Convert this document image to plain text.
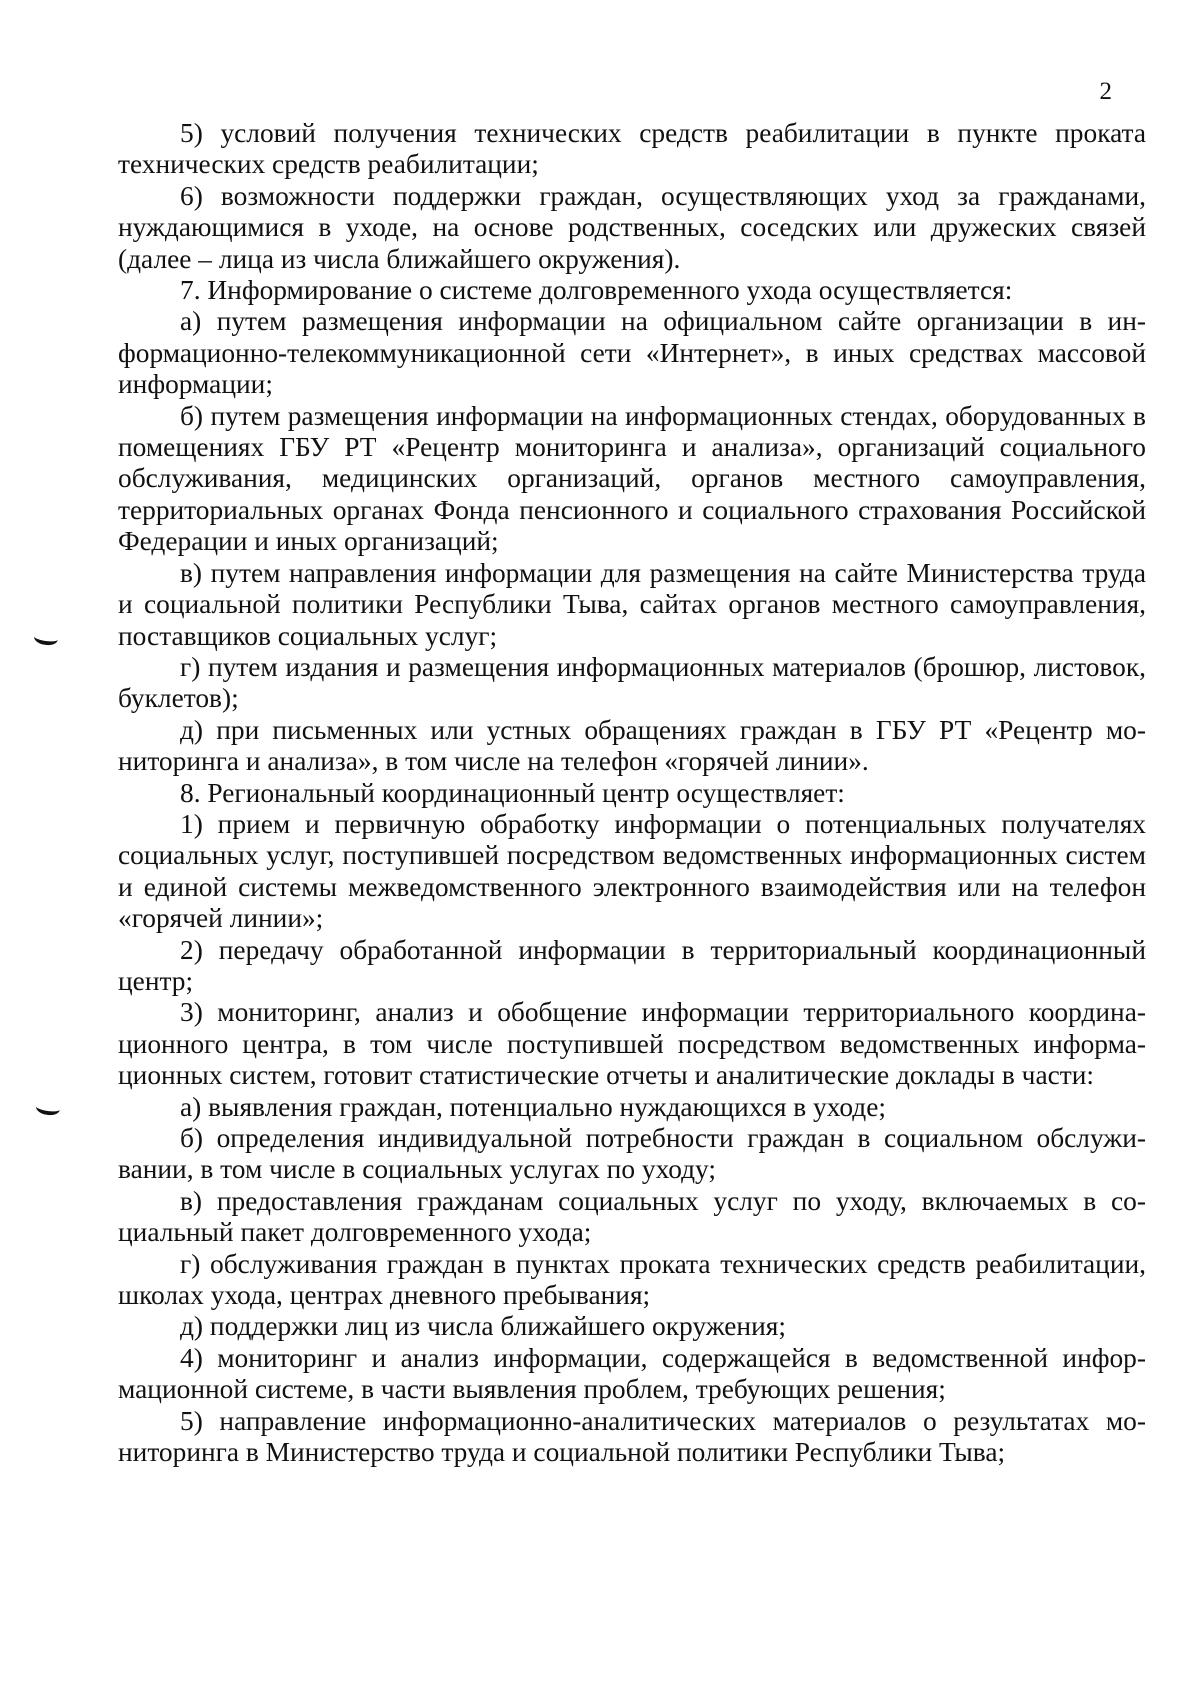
2

5) условий получения технических средств реабилитации в пункте проката технических средств реабилитации;

6) возможности поддержки граждан, осуществляющих уход за гражданами, нуждающимися в уходе, на основе родственных, соседских или дружеских связей (далее – лица из числа ближайшего окружения).

7. Информирование о системе долговременного ухода осуществляется:

а) путем размещения информации на официальном сайте организации в информационно-телекоммуникационной сети «Интернет», в иных средствах массовой информации;

б) путем размещения информации на информационных стендах, оборудованных в помещениях ГБУ РТ «Рецентр мониторинга и анализа», организаций социального обслуживания, медицинских организаций, органов местного самоуправления, территориальных органах Фонда пенсионного и социального страхования Российской Федерации и иных организаций;

в) путем направления информации для размещения на сайте Министерства труда и социальной политики Республики Тыва, сайтах органов местного самоуправления, поставщиков социальных услуг;

г) путем издания и размещения информационных материалов (брошюр, листовок, буклетов);

д) при письменных или устных обращениях граждан в ГБУ РТ «Рецентр мониторинга и анализа», в том числе на телефон «горячей линии».

8. Региональный координационный центр осуществляет:

1) прием и первичную обработку информации о потенциальных получателях социальных услуг, поступившей посредством ведомственных информационных систем и единой системы межведомственного электронного взаимодействия или на телефон «горячей линии»;

2) передачу обработанной информации в территориальный координационный центр;

3) мониторинг, анализ и обобщение информации территориального координационного центра, в том числе поступившей посредством ведомственных информационных систем, готовит статистические отчеты и аналитические доклады в части:

а) выявления граждан, потенциально нуждающихся в уходе;

б) определения индивидуальной потребности граждан в социальном обслуживании, в том числе в социальных услугах по уходу;

в) предоставления гражданам социальных услуг по уходу, включаемых в социальный пакет долговременного ухода;

г) обслуживания граждан в пунктах проката технических средств реабилитации, школах ухода, центрах дневного пребывания;

д) поддержки лиц из числа ближайшего окружения;

4) мониторинг и анализ информации, содержащейся в ведомственной информационной системе, в части выявления проблем, требующих решения;

5) направление информационно-аналитических материалов о результатах мониторинга в Министерство труда и социальной политики Республики Тыва;
